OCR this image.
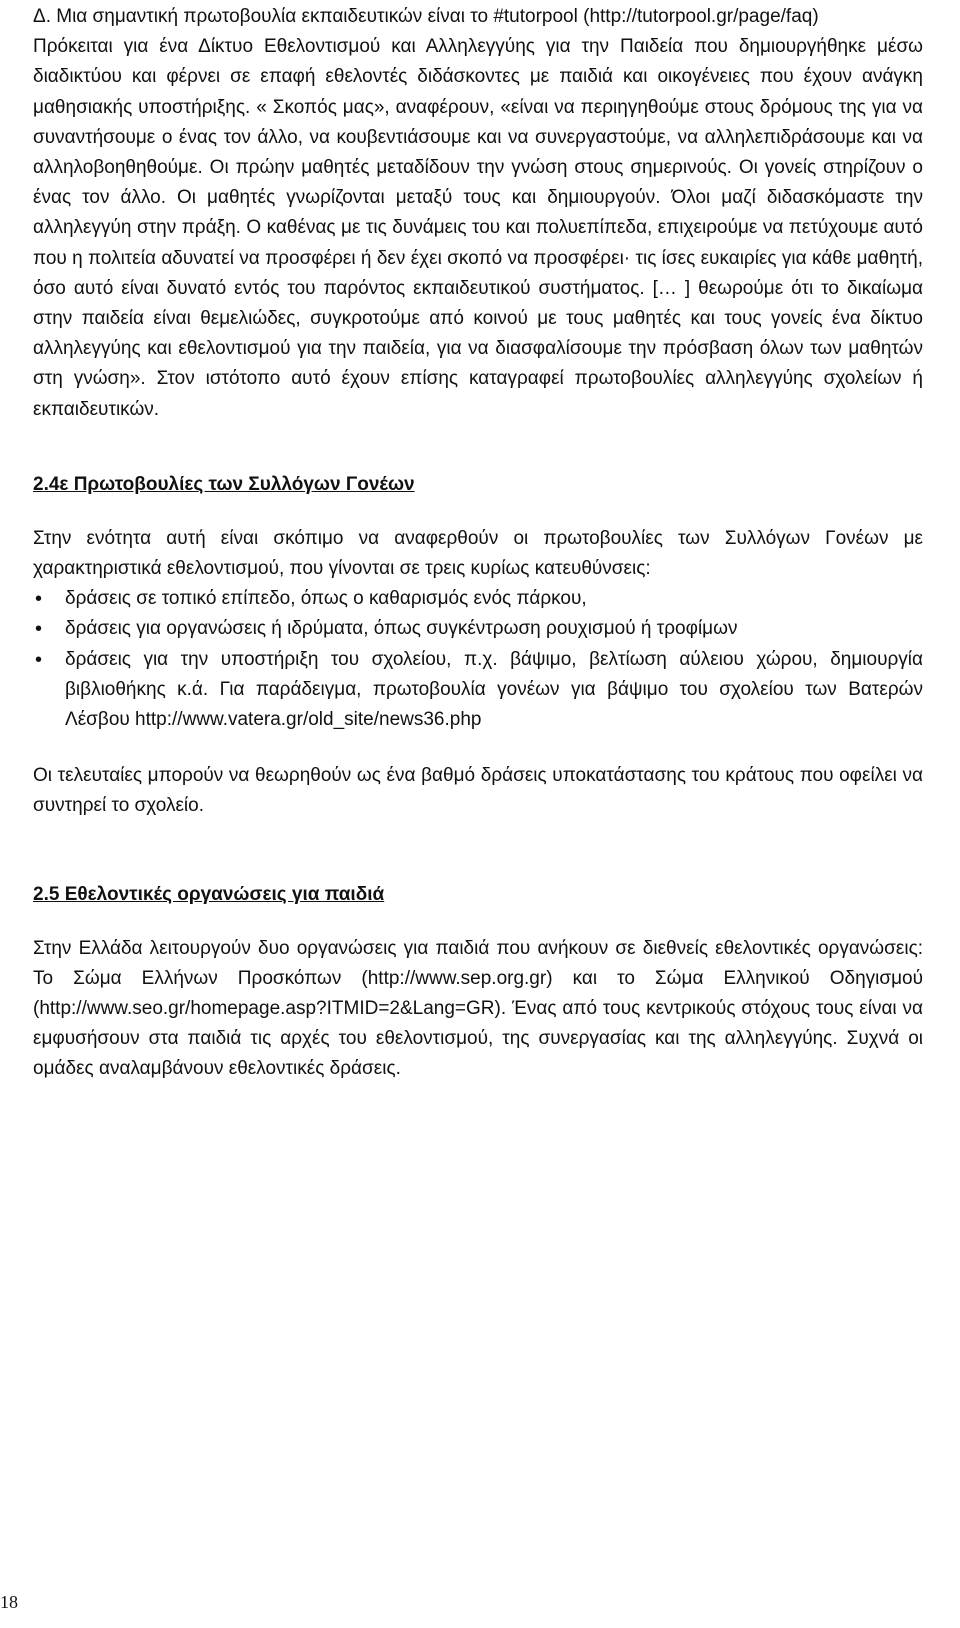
Δ. Μια σημαντική πρωτοβουλία εκπαιδευτικών είναι το #tutorpool (http://tutorpool.gr/page/faq)

Πρόκειται για ένα Δίκτυο Εθελοντισμού και Αλληλεγγύης για την Παιδεία που δημιουργήθηκε μέσω διαδικτύου και φέρνει σε επαφή εθελοντές διδάσκοντες με παιδιά και οικογένειες που έχουν ανάγκη μαθησιακής υποστήριξης. « Σκοπός μας», αναφέρουν, «είναι να περιηγηθούμε στους δρόμους της για να συναντήσουμε ο ένας τον άλλο, να κουβεντιάσουμε και να συνεργαστούμε, να αλληλεπιδράσουμε και να αλληλοβοηθηθούμε. Οι πρώην μαθητές μεταδίδουν την γνώση στους σημερινούς. Οι γονείς στηρίζουν ο ένας τον άλλο. Οι μαθητές γνωρίζονται μεταξύ τους και δημιουργούν. Όλοι μαζί διδασκόμαστε την αλληλεγγύη στην πράξη. Ο καθένας με τις δυνάμεις του και πολυεπίπεδα, επιχειρούμε να πετύχουμε αυτό που η πολιτεία αδυνατεί να προσφέρει ή δεν έχει σκοπό να προσφέρει· τις ίσες ευκαιρίες για κάθε μαθητή, όσο αυτό είναι δυνατό εντός του παρόντος εκπαιδευτικού συστήματος. [… ] θεωρούμε ότι το δικαίωμα στην παιδεία είναι θεμελιώδες, συγκροτούμε από κοινού με τους μαθητές και τους γονείς ένα δίκτυο αλληλεγγύης και εθελοντισμού για την παιδεία, για να διασφαλίσουμε την πρόσβαση όλων των μαθητών στη γνώση». Στον ιστότοπο αυτό έχουν επίσης καταγραφεί πρωτοβουλίες αλληλεγγύης σχολείων ή εκπαιδευτικών.

2.4ε Πρωτοβουλίες των Συλλόγων Γονέων

Στην ενότητα αυτή είναι σκόπιμο να αναφερθούν οι πρωτοβουλίες των Συλλόγων Γονέων με χαρακτηριστικά εθελοντισμού, που γίνονται σε τρεις κυρίως κατευθύνσεις:

• δράσεις σε τοπικό επίπεδο, όπως ο καθαρισμός ενός πάρκου,
• δράσεις για οργανώσεις ή ιδρύματα, όπως συγκέντρωση ρουχισμού ή τροφίμων
• δράσεις για την υποστήριξη του σχολείου, π.χ. βάψιμο, βελτίωση αύλειου χώρου, δημιουργία βιβλιοθήκης κ.ά. Για παράδειγμα, πρωτοβουλία γονέων για βάψιμο του σχολείου των Βατερών Λέσβου http://www.vatera.gr/old_site/news36.php

Οι τελευταίες μπορούν να θεωρηθούν ως ένα βαθμό δράσεις υποκατάστασης του κράτους που οφείλει να συντηρεί το σχολείο.

2.5 Εθελοντικές οργανώσεις για παιδιά

Στην Ελλάδα λειτουργούν δυο οργανώσεις για παιδιά που ανήκουν σε διεθνείς εθελοντικές οργανώσεις: Το Σώμα Ελλήνων Προσκόπων (http://www.sep.org.gr) και το Σώμα Ελληνικού Οδηγισμού (http://www.seo.gr/homepage.asp?ITMID=2&Lang=GR). Ένας από τους κεντρικούς στόχους τους είναι να εμφυσήσουν στα παιδιά τις αρχές του εθελοντισμού, της συνεργασίας και της αλληλεγγύης. Συχνά οι ομάδες αναλαμβάνουν εθελοντικές δράσεις.

18
